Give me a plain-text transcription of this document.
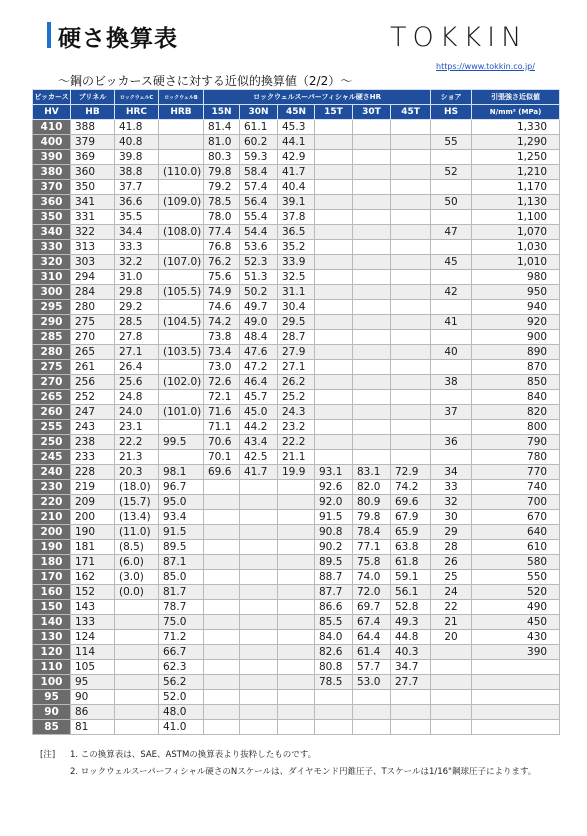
硬さ換算表	TOKKIN
https://www.tokkin.co.jp/
～鋼のビッカース硬さに対する近似的換算値（2/2）～
ビッカース	ブリネル	ロックウェルC	ロックウェルB	ロックウェルスーパーフィシャル硬さHR						ショア	引張強さ近似値
HV	HB	HRC	HRB	15N	30N	45N	15T	30T	45T	HS	N/mm² (MPa)
410	388	41.8		81.4	61.1	45.3					1,330
400	379	40.8		81.0	60.2	44.1				55	1,290
390	369	39.8		80.3	59.3	42.9					1,250
380	360	38.8	(110.0)	79.8	58.4	41.7				52	1,210
370	350	37.7		79.2	57.4	40.4					1,170
360	341	36.6	(109.0)	78.5	56.4	39.1				50	1,130
350	331	35.5		78.0	55.4	37.8					1,100
340	322	34.4	(108.0)	77.4	54.4	36.5				47	1,070
330	313	33.3		76.8	53.6	35.2					1,030
320	303	32.2	(107.0)	76.2	52.3	33.9				45	1,010
310	294	31.0		75.6	51.3	32.5					980
300	284	29.8	(105.5)	74.9	50.2	31.1				42	950
295	280	29.2		74.6	49.7	30.4					940
290	275	28.5	(104.5)	74.2	49.0	29.5				41	920
285	270	27.8		73.8	48.4	28.7					900
280	265	27.1	(103.5)	73.4	47.6	27.9				40	890
275	261	26.4		73.0	47.2	27.1					870
270	256	25.6	(102.0)	72.6	46.4	26.2				38	850
265	252	24.8		72.1	45.7	25.2					840
260	247	24.0	(101.0)	71.6	45.0	24.3				37	820
255	243	23.1		71.1	44.2	23.2					800
250	238	22.2	99.5	70.6	43.4	22.2				36	790
245	233	21.3		70.1	42.5	21.1					780
240	228	20.3	98.1	69.6	41.7	19.9	93.1	83.1	72.9	34	770
230	219	(18.0)	96.7				92.6	82.0	74.2	33	740
220	209	(15.7)	95.0				92.0	80.9	69.6	32	700
210	200	(13.4)	93.4				91.5	79.8	67.9	30	670
200	190	(11.0)	91.5				90.8	78.4	65.9	29	640
190	181	(8.5)	89.5				90.2	77.1	63.8	28	610
180	171	(6.0)	87.1				89.5	75.8	61.8	26	580
170	162	(3.0)	85.0				88.7	74.0	59.1	25	550
160	152	(0.0)	81.7				87.7	72.0	56.1	24	520
150	143		78.7				86.6	69.7	52.8	22	490
140	133		75.0				85.5	67.4	49.3	21	450
130	124		71.2				84.0	64.4	44.8	20	430
120	114		66.7				82.6	61.4	40.3		390
110	105		62.3				80.8	57.7	34.7		
100	95		56.2				78.5	53.0	27.7		
95	90		52.0								
90	86		48.0								
85	81		41.0								
[注] 1. この換算表は、SAE、ASTMの換算表より抜粋したものです。
2. ロックウェルスーパーフィシャル硬さのNスケールは、ダイヤモンド円錐圧子、Tスケールは1/16"鋼球圧子によります。
